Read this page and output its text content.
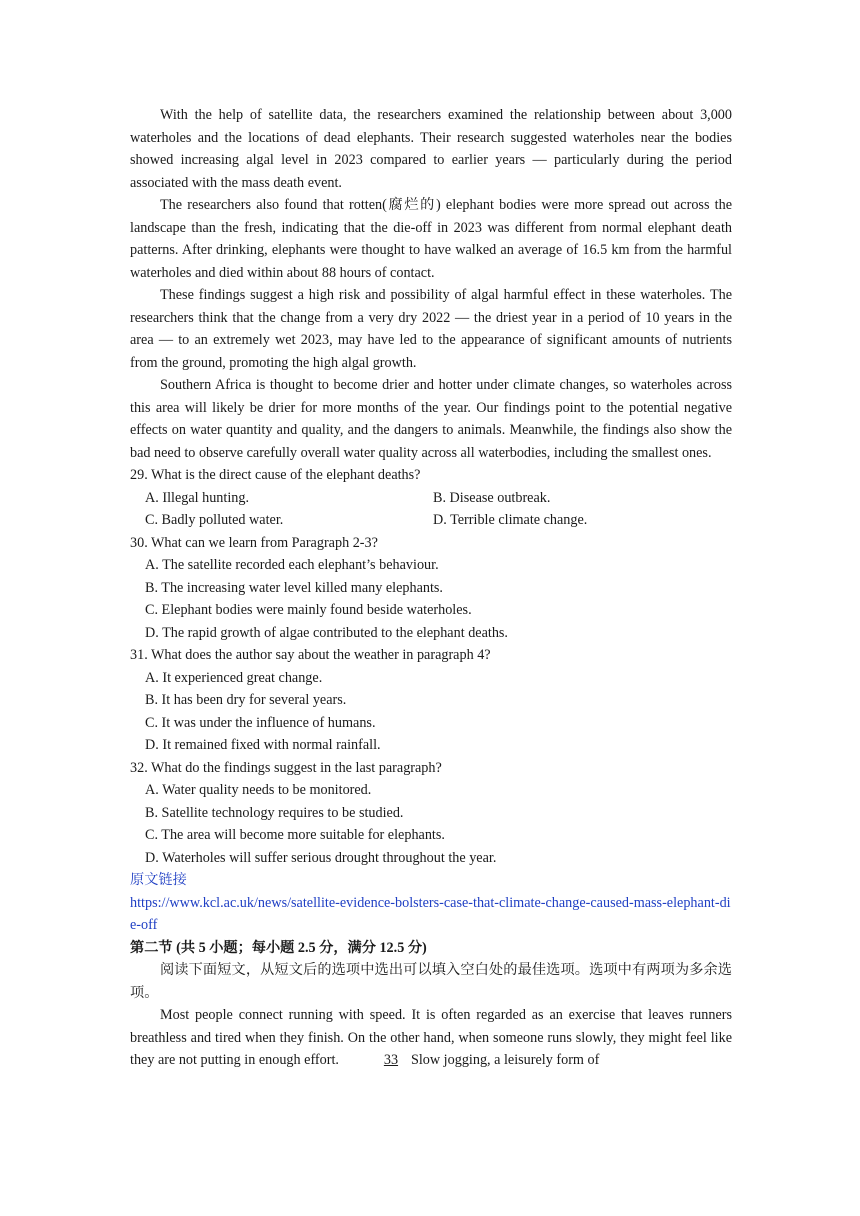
With the help of satellite data, the researchers examined the relationship between about 3,000 waterholes and the locations of dead elephants. Their research suggested waterholes near the bodies showed increasing algal level in 2023 compared to earlier years — particularly during the period associated with the mass death event.

The researchers also found that rotten(腐烂的) elephant bodies were more spread out across the landscape than the fresh, indicating that the die-off in 2023 was different from normal elephant death patterns. After drinking, elephants were thought to have walked an average of 16.5 km from the harmful waterholes and died within about 88 hours of contact.

These findings suggest a high risk and possibility of algal harmful effect in these waterholes. The researchers think that the change from a very dry 2022 — the driest year in a period of 10 years in the area — to an extremely wet 2023, may have led to the appearance of significant amounts of nutrients from the ground, promoting the high algal growth.

Southern Africa is thought to become drier and hotter under climate changes, so waterholes across this area will likely be drier for more months of the year. Our findings point to the potential negative effects on water quantity and quality, and the dangers to animals. Meanwhile, the findings also show the bad need to observe carefully overall water quality across all waterbodies, including the smallest ones.

29. What is the direct cause of the elephant deaths?

A. Illegal hunting.	B. Disease outbreak.
C. Badly polluted water.	D. Terrible climate change.

30. What can we learn from Paragraph 2-3?

A. The satellite recorded each elephant’s behaviour.

B. The increasing water level killed many elephants.

C. Elephant bodies were mainly found beside waterholes.

D. The rapid growth of algae contributed to the elephant deaths.

31. What does the author say about the weather in paragraph 4?

A. It experienced great change.

B. It has been dry for several years.

C. It was under the influence of humans.

D. It remained fixed with normal rainfall.

32. What do the findings suggest in the last paragraph?

A. Water quality needs to be monitored.

B. Satellite technology requires to be studied.

C. The area will become more suitable for elephants.

D. Waterholes will suffer serious drought throughout the year.

原文链接

https://www.kcl.ac.uk/news/satellite-evidence-bolsters-case-that-climate-change-caused-mass-elephant-die-off

第二节 (共 5 小题；每小题 2.5 分，满分 12.5 分)

阅读下面短文，从短文后的选项中选出可以填入空白处的最佳选项。选项中有两项为多余选项。

Most people connect running with speed. It is often regarded as an exercise that leaves runners breathless and tired when they finish. On the other hand, when someone runs slowly, they might feel like they are not putting in enough effort.	33 Slow jogging, a leisurely form of
